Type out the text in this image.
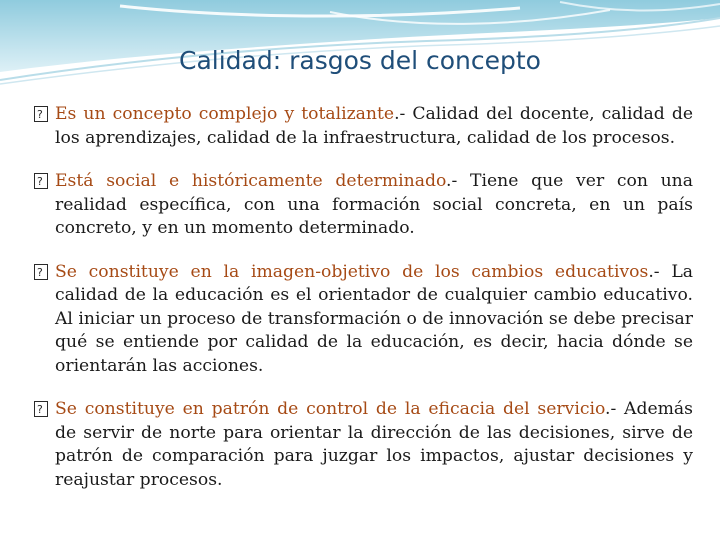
Calidad: rasgos del concepto

?
Es un concepto complejo y totalizante.- Calidad del docente, calidad de los aprendizajes, calidad de la infraestructura, calidad de los procesos.

?
Está social e históricamente determinado.- Tiene que ver con una realidad específica, con una formación social concreta, en un país concreto, y en un momento determinado.

?
Se constituye en la imagen-objetivo de los cambios educativos.- La calidad de la educación es el orientador de cualquier cambio educativo. Al iniciar un proceso de transformación o de innovación se debe precisar qué se entiende por calidad de la educación, es decir, hacia dónde se orientarán las acciones.

?
Se constituye en patrón de control de la eficacia del servicio.- Además de servir de norte para orientar la dirección de las decisiones, sirve de patrón de comparación para juzgar los impactos, ajustar decisiones y reajustar procesos.
